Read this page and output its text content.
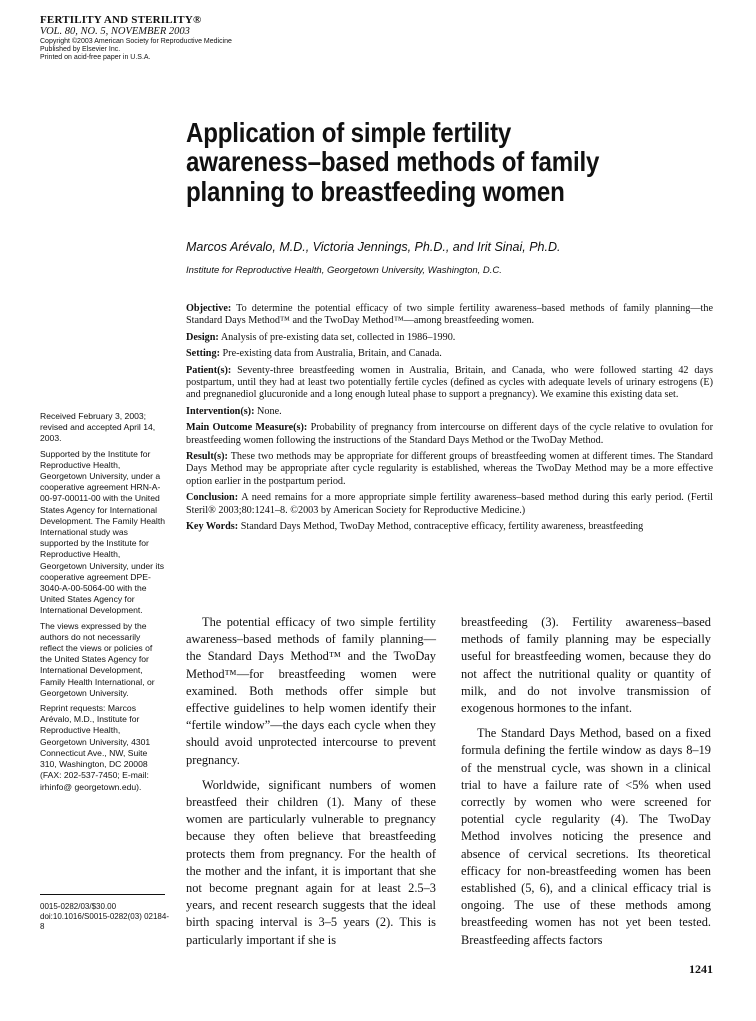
FERTILITY AND STERILITY®
VOL. 80, NO. 5, NOVEMBER 2003
Copyright ©2003 American Society for Reproductive Medicine
Published by Elsevier Inc.
Printed on acid-free paper in U.S.A.
Application of simple fertility awareness–based methods of family planning to breastfeeding women
Marcos Arévalo, M.D., Victoria Jennings, Ph.D., and Irit Sinai, Ph.D.
Institute for Reproductive Health, Georgetown University, Washington, D.C.

Objective: To determine the potential efficacy of two simple fertility awareness–based methods of family planning—the Standard Days Method™ and the TwoDay Method™—among breastfeeding women.

Design: Analysis of pre-existing data set, collected in 1986–1990.

Setting: Pre-existing data from Australia, Britain, and Canada.

Patient(s): Seventy-three breastfeeding women in Australia, Britain, and Canada, who were followed starting 42 days postpartum, until they had at least two potentially fertile cycles (defined as cycles with adequate levels of urinary estrogens (E) and pregnanediol glucuronide and a long enough luteal phase to support a pregnancy). We examine this existing data set.

Intervention(s): None.

Main Outcome Measure(s): Probability of pregnancy from intercourse on different days of the cycle relative to ovulation for breastfeeding women following the instructions of the Standard Days Method or the TwoDay Method.

Result(s): These two methods may be appropriate for different groups of breastfeeding women at different times. The Standard Days Method may be appropriate after cycle regularity is established, whereas the TwoDay Method may be a more effective option earlier in the postpartum period.

Conclusion: A need remains for a more appropriate simple fertility awareness–based method during this early period. (Fertil Steril® 2003;80:1241–8. ©2003 by American Society for Reproductive Medicine.)

Key Words: Standard Days Method, TwoDay Method, contraceptive efficacy, fertility awareness, breastfeeding

Received February 3, 2003; revised and accepted April 14, 2003.

Supported by the Institute for Reproductive Health, Georgetown University, under a cooperative agreement HRN-A-00-97-00011-00 with the United States Agency for International Development. The Family Health International study was supported by the Institute for Reproductive Health, Georgetown University, under its cooperative agreement DPE-3040-A-00-5064-00 with the United States Agency for International Development.

The views expressed by the authors do not necessarily reflect the views or policies of the United States Agency for International Development, Family Health International, or Georgetown University.

Reprint requests: Marcos Arévalo, M.D., Institute for Reproductive Health, Georgetown University, 4301 Connecticut Ave., NW, Suite 310, Washington, DC 20008 (FAX: 202-537-7450; E-mail: irhinfo@ georgetown.edu).

0015-0282/03/$30.00
doi:10.1016/S0015-0282(03) 02184-8

The potential efficacy of two simple fertility awareness–based methods of family planning—the Standard Days Method™ and the TwoDay Method™—for breastfeeding women were examined. Both methods offer simple but effective guidelines to help women identify their “fertile window”—the days each cycle when they should avoid unprotected intercourse to prevent pregnancy.

Worldwide, significant numbers of women breastfeed their children (1). Many of these women are particularly vulnerable to pregnancy because they often believe that breastfeeding protects them from pregnancy. For the health of the mother and the infant, it is important that she not become pregnant again for at least 2.5–3 years, and recent research suggests that the ideal birth spacing interval is 3–5 years (2). This is particularly important if she is

breastfeeding (3). Fertility awareness–based methods of family planning may be especially useful for breastfeeding women, because they do not affect the nutritional quality or quantity of milk, and do not involve transmission of exogenous hormones to the infant.

The Standard Days Method, based on a fixed formula defining the fertile window as days 8–19 of the menstrual cycle, was shown in a clinical trial to have a failure rate of <5% when used correctly by women who were screened for potential cycle regularity (4). The TwoDay Method involves noticing the presence and absence of cervical secretions. Its theoretical efficacy for non-breastfeeding women has been established (5, 6), and a clinical efficacy trial is ongoing. The use of these methods among breastfeeding women has not yet been tested. Breastfeeding affects factors

1241
